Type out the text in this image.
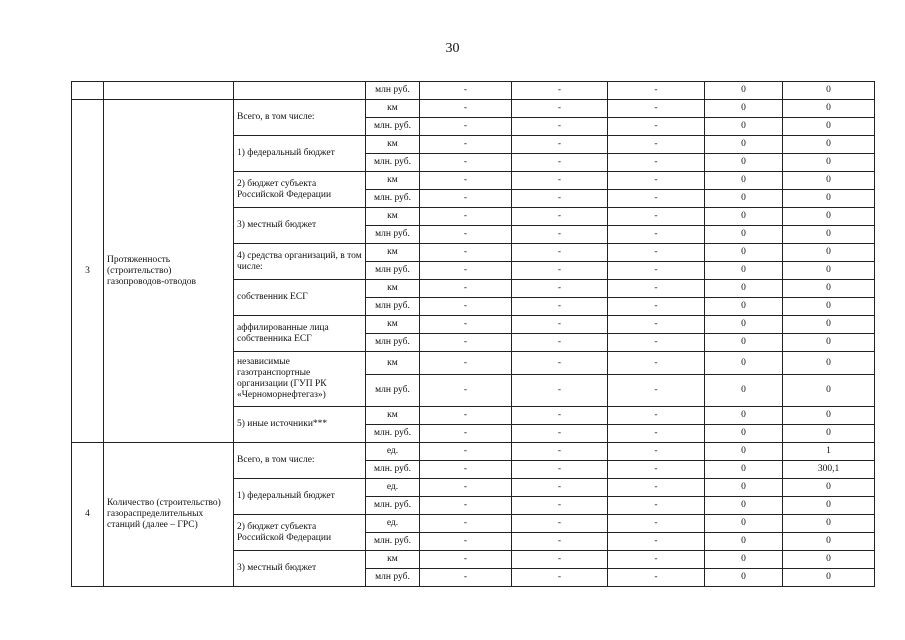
30
			млн руб.	-	-	-	0	0
3	Протяженность (строительство) газопроводов-отводов	Всего, в том числе:	км	-	-	-	0	0
			млн. руб.	-	-	-	0	0
		1) федеральный бюджет	км	-	-	-	0	0
			млн. руб.	-	-	-	0	0
		2) бюджет субъекта Российской Федерации	км	-	-	-	0	0
			млн. руб.	-	-	-	0	0
		3) местный бюджет	км	-	-	-	0	0
			млн руб.	-	-	-	0	0
		4) средства организаций, в том числе:	км	-	-	-	0	0
			млн руб.	-	-	-	0	0
		собственник ЕСГ	км	-	-	-	0	0
			млн руб.	-	-	-	0	0
		аффилированные лица собственника ЕСГ	км	-	-	-	0	0
			млн руб.	-	-	-	0	0
		независимые газотранспортные организации (ГУП РК «Черноморнефтегаз»)	км	-	-	-	0	0
			млн руб.	-	-	-	0	0
		5) иные источники***	км	-	-	-	0	0
			млн. руб.	-	-	-	0	0
4	Количество (строительство) газораспределительных станций (далее – ГРС)	Всего, в том числе:	ед.	-	-	-	0	1
			млн. руб.	-	-	-	0	300,1
		1) федеральный бюджет	ед.	-	-	-	0	0
			млн. руб.	-	-	-	0	0
		2) бюджет субъекта Российской Федерации	ед.	-	-	-	0	0
			млн. руб.	-	-	-	0	0
		3) местный бюджет	км	-	-	-	0	0
			млн руб.	-	-	-	0	0
